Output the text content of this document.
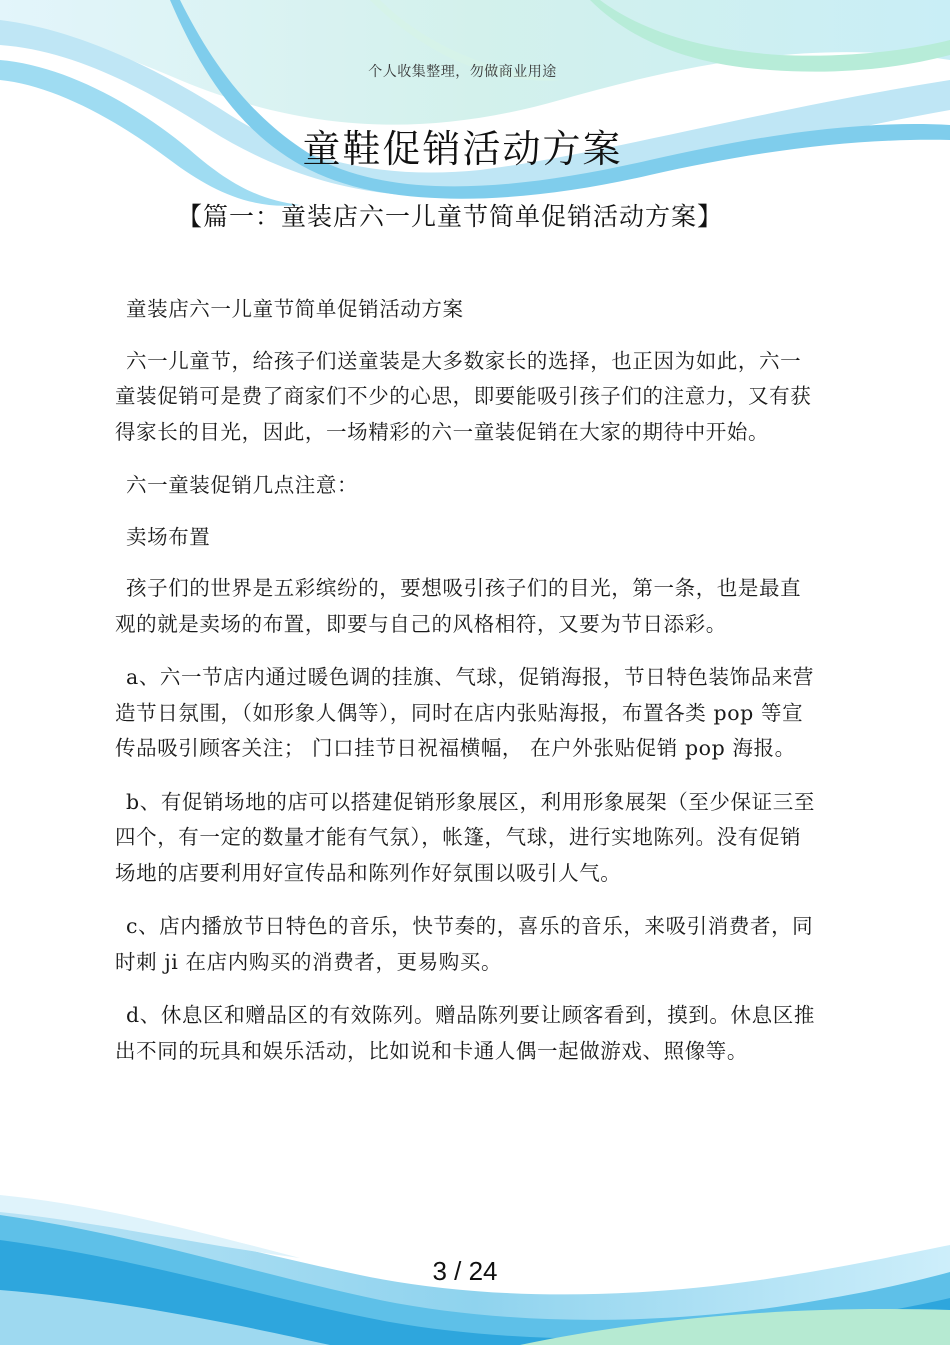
个人收集整理，勿做商业用途
童鞋促销活动方案
【篇一：童装店六一儿童节简单促销活动方案】

童装店六一儿童节简单促销活动方案

六一儿童节，给孩子们送童装是大多数家长的选择，也正因为如此，六一童装促销可是费了商家们不少的心思，即要能吸引孩子们的注意力，又有获得家长的目光，因此，一场精彩的六一童装促销在大家的期待中开始。

六一童装促销几点注意：

卖场布置

孩子们的世界是五彩缤纷的，要想吸引孩子们的目光，第一条，也是最直观的就是卖场的布置，即要与自己的风格相符，又要为节日添彩。

a、六一节店内通过暖色调的挂旗、气球，促销海报，节日特色装饰品来营造节日氛围，（如形象人偶等），同时在店内张贴海报，布置各类 pop 等宣传品吸引顾客关注； 门口挂节日祝福横幅， 在户外张贴促销 pop 海报。

b、有促销场地的店可以搭建促销形象展区，利用形象展架（至少保证三至四个，有一定的数量才能有气氛），帐篷，气球，进行实地陈列。没有促销场地的店要利用好宣传品和陈列作好氛围以吸引人气。

c、店内播放节日特色的音乐，快节奏的，喜乐的音乐，来吸引消费者，同时刺 ji 在店内购买的消费者，更易购买。

d、休息区和赠品区的有效陈列。赠品陈列要让顾客看到，摸到。休息区推出不同的玩具和娱乐活动，比如说和卡通人偶一起做游戏、照像等。

3 / 24
